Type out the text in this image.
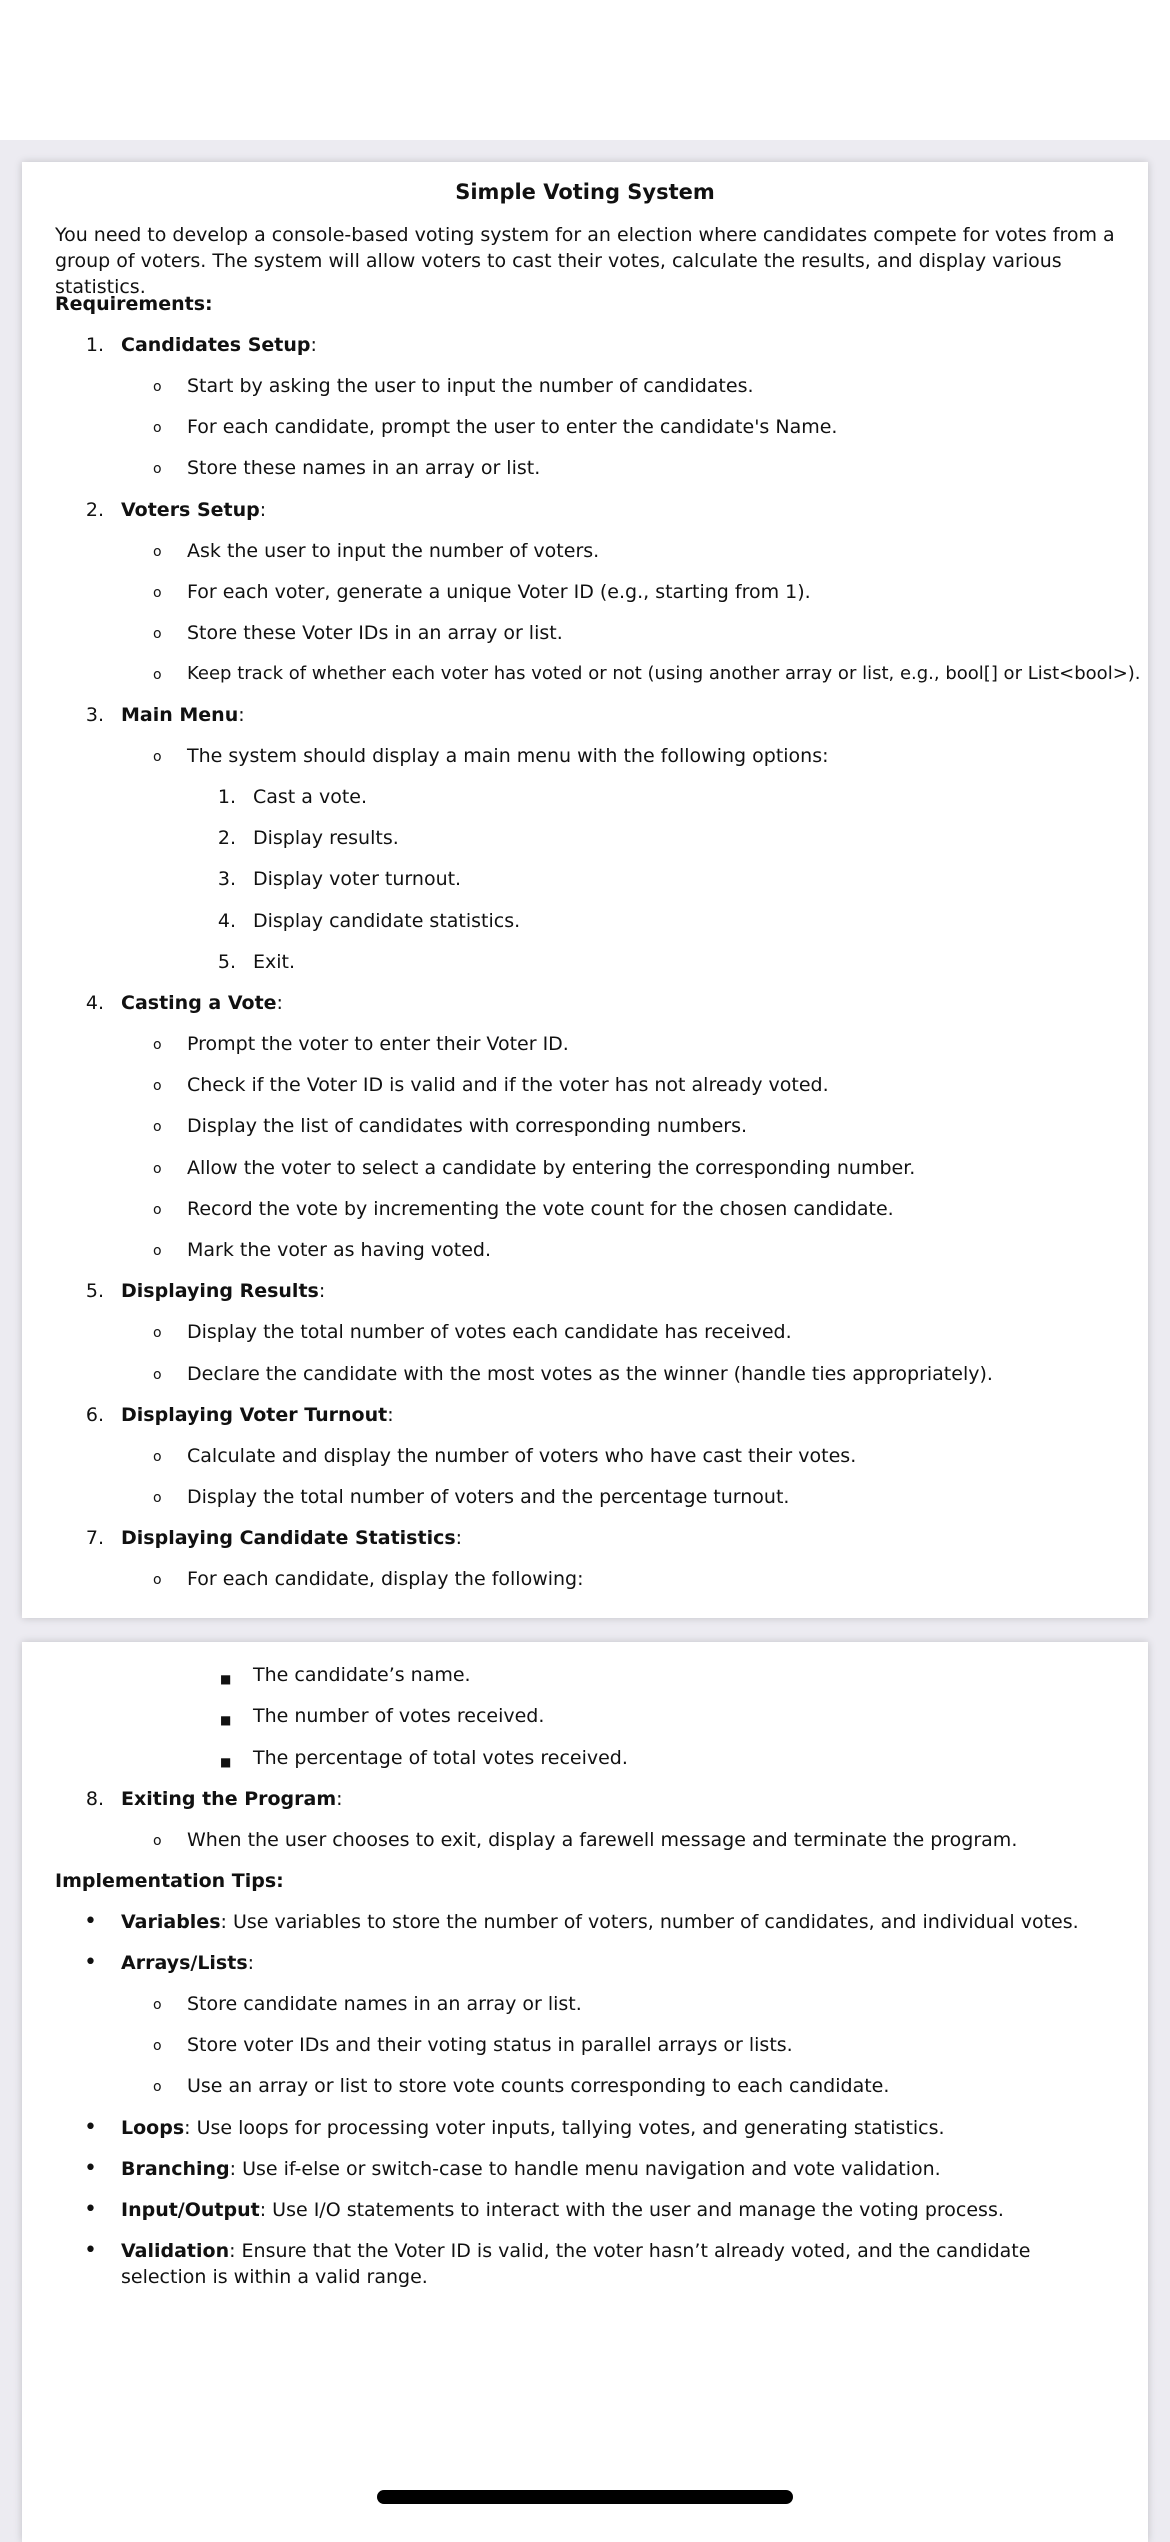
Simple Voting System
You need to develop a console-based voting system for an election where candidates compete for votes from a group of voters. The system will allow voters to cast their votes, calculate the results, and display various statistics.
Requirements:
1. Candidates Setup:
o Start by asking the user to input the number of candidates.
o For each candidate, prompt the user to enter the candidate's Name.
o Store these names in an array or list.
2. Voters Setup:
o Ask the user to input the number of voters.
o For each voter, generate a unique Voter ID (e.g., starting from 1).
o Store these Voter IDs in an array or list.
o Keep track of whether each voter has voted or not (using another array or list, e.g., bool[] or List<bool>).
3. Main Menu:
o The system should display a main menu with the following options:
1. Cast a vote.
2. Display results.
3. Display voter turnout.
4. Display candidate statistics.
5. Exit.
4. Casting a Vote:
o Prompt the voter to enter their Voter ID.
o Check if the Voter ID is valid and if the voter has not already voted.
o Display the list of candidates with corresponding numbers.
o Allow the voter to select a candidate by entering the corresponding number.
o Record the vote by incrementing the vote count for the chosen candidate.
o Mark the voter as having voted.
5. Displaying Results:
o Display the total number of votes each candidate has received.
o Declare the candidate with the most votes as the winner (handle ties appropriately).
6. Displaying Voter Turnout:
o Calculate and display the number of voters who have cast their votes.
o Display the total number of voters and the percentage turnout.
7. Displaying Candidate Statistics:
o For each candidate, display the following:
■ The candidate’s name.
■ The number of votes received.
■ The percentage of total votes received.
8. Exiting the Program:
o When the user chooses to exit, display a farewell message and terminate the program.
Implementation Tips:
• Variables: Use variables to store the number of voters, number of candidates, and individual votes.
• Arrays/Lists:
o Store candidate names in an array or list.
o Store voter IDs and their voting status in parallel arrays or lists.
o Use an array or list to store vote counts corresponding to each candidate.
• Loops: Use loops for processing voter inputs, tallying votes, and generating statistics.
• Branching: Use if-else or switch-case to handle menu navigation and vote validation.
• Input/Output: Use I/O statements to interact with the user and manage the voting process.
• Validation: Ensure that the Voter ID is valid, the voter hasn’t already voted, and the candidate selection is within a valid range.
